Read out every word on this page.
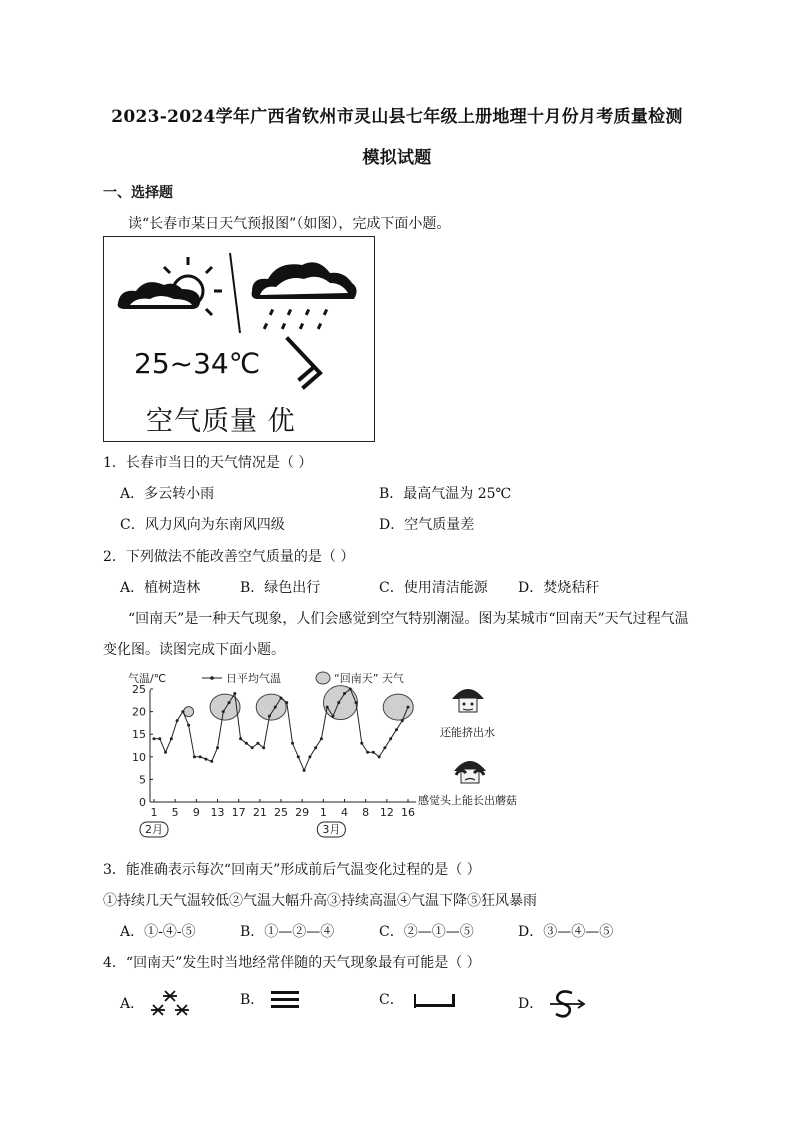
2023-2024学年广西省钦州市灵山县七年级上册地理十月份月考质量检测
模拟试题
一、选择题
读“长春市某日天气预报图”（如图），完成下面小题。
25~34℃
空气质量 优
1．长春市当日的天气情况是（ ）
A．多云转小雨	B．最高气温为 25℃
C．风力风向为东南风四级	D．空气质量差
2．下列做法不能改善空气质量的是（ ）
A．植树造林	B．绿色出行	C．使用清洁能源 D．焚烧秸秆
“回南天”是一种天气现象，人们会感觉到空气特别潮湿。图为某城市“回南天”天气过程气温
变化图。读图完成下面小题。
气温/℃	日平均气温	“回南天” 天气
0
5
10
15
20
25
1 5 9 13 17 21 25 29 1 4 8 12 16
2月	3月
还能挤出水
感觉头上能长出蘑菇
3．能准确表示每次“回南天”形成前后气温变化过程的是（ ）
①持续几天气温较低②气温大幅升高③持续高温④气温下降⑤狂风暴雨
A．①-④-⑤	B．①—②—④	C．②—①—⑤	D．③—④—⑤
4．“回南天”发生时当地经常伴随的天气现象最有可能是（ ）
A．	B．	C．	D．
